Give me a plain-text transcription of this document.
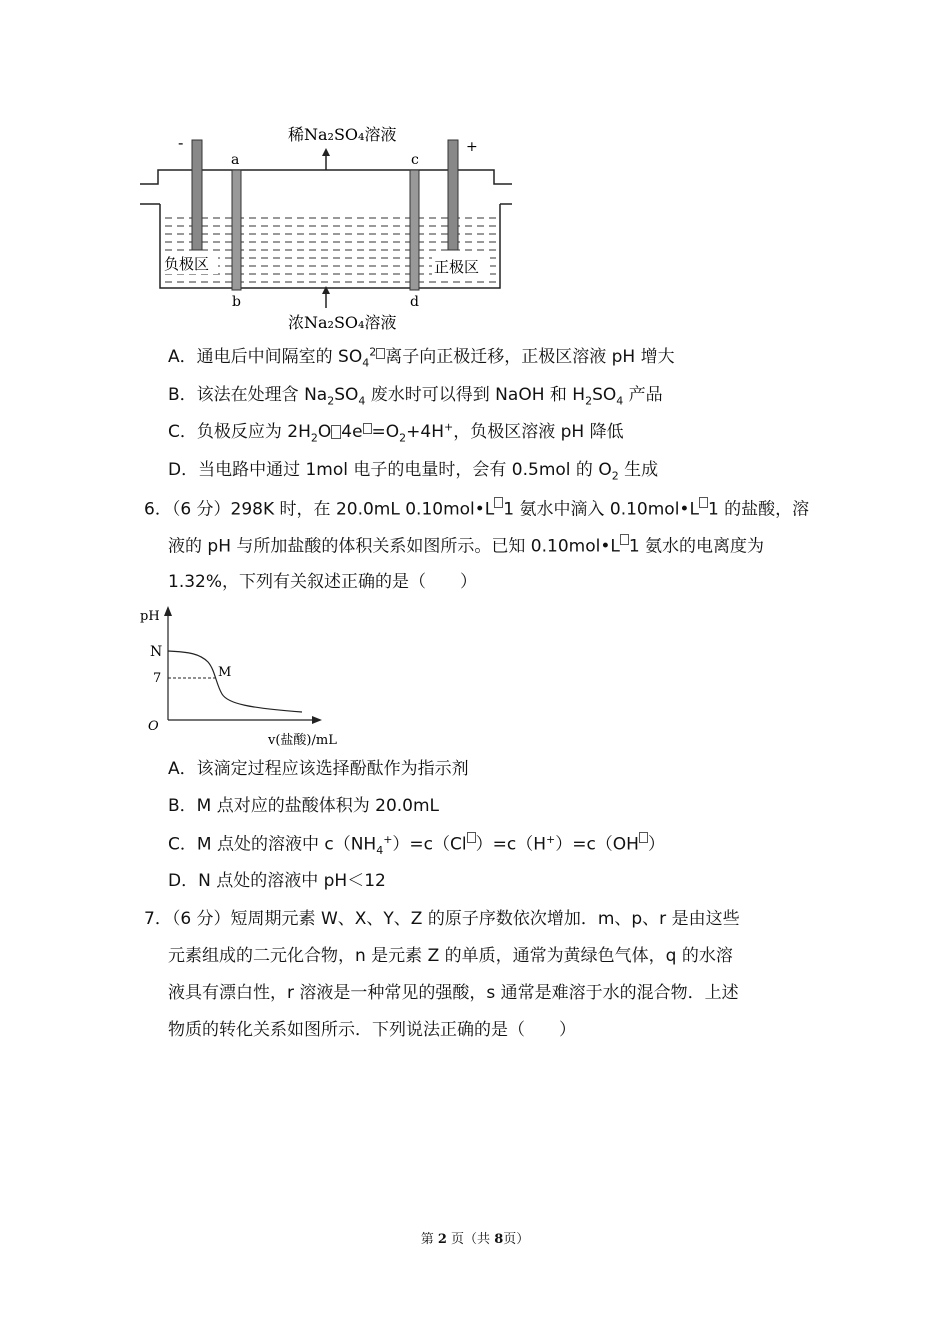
稀Na₂SO₄溶液
浓Na₂SO₄溶液
-	+
a	c
b	d
负极区	正极区
A．通电后中间隔室的 $SO_4^2$ 离子向正极迁移，正极区溶液 pH 增大
B．该法在处理含 $Na_2SO_4$ 废水时可以得到 NaOH 和 $H_2SO_4$ 产品
C．负极反应为 $2H_2O$ $4e =O_2+4H^+$，负极区溶液 pH 降低
D．当电路中通过 1mol 电子的电量时，会有 0.5mol 的 $O_2$ 生成
6．（6 分）298K 时，在 20.0mL 0.10mol•L 1 氨水中滴入 0.10mol•L 1 的盐酸，溶
液的 pH 与所加盐酸的体积关系如图所示。已知 0.10mol•L 1 氨水的电离度为
1.32%，下列有关叙述正确的是（　　）
pH
N
7	M
O
v(盐酸)/mL
A．该滴定过程应该选择酚酞作为指示剂
B．M 点对应的盐酸体积为 20.0mL
C．M 点处的溶液中 $c(NH_4^+)=c(Cl$ ）=c（H+）=c（OH ）
D．N 点处的溶液中 pH＜12
7．（6 分）短周期元素 W、X、Y、Z 的原子序数依次增加．m、p、r 是由这些
元素组成的二元化合物，n 是元素 Z 的单质，通常为黄绿色气体，q 的水溶
液具有漂白性，r 溶液是一种常见的强酸，s 通常是难溶于水的混合物．上述
物质的转化关系如图所示．下列说法正确的是（　　）
第 2 页（共 8页）
